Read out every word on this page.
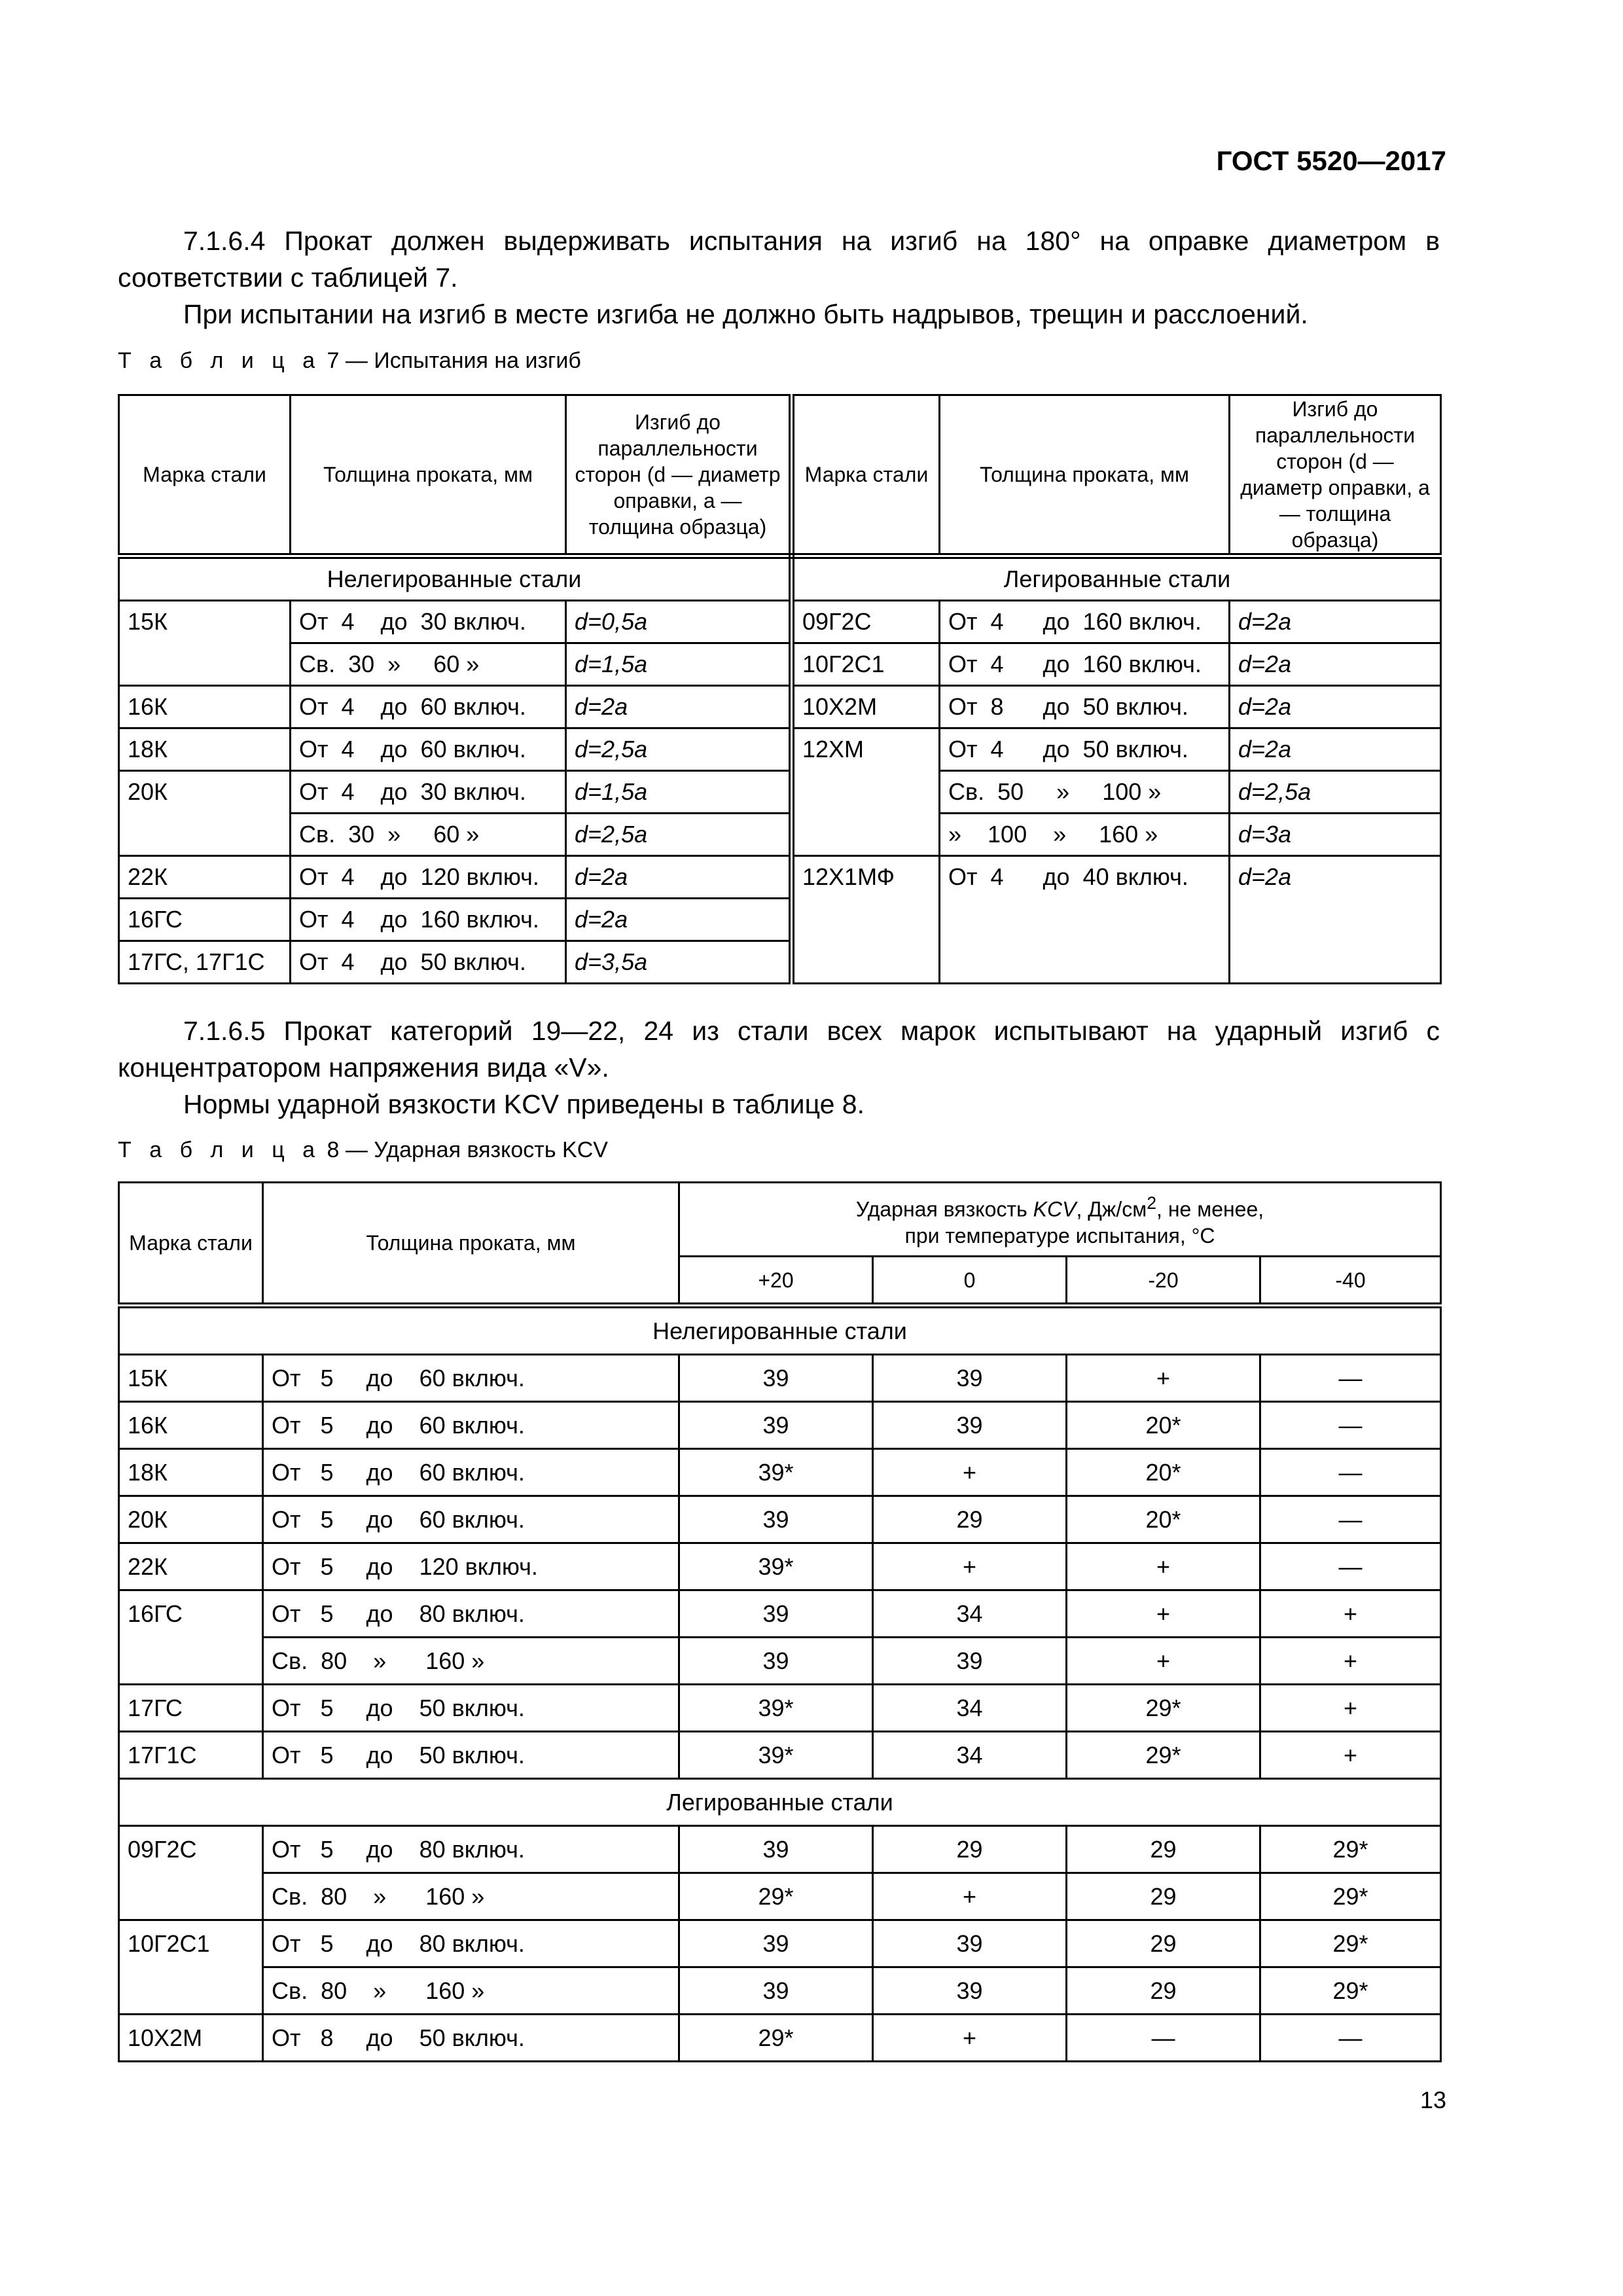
ГОСТ 5520—2017

7.1.6.4 Прокат должен выдерживать испытания на изгиб на 180° на оправке диаметром в соответствии с таблицей 7.

При испытании на изгиб в месте изгиба не должно быть надрывов, трещин и расслоений.

Т а б л и ц а 7 — Испытания на изгиб
Марка стали	Толщина проката, мм	Изгиб до параллельности сторон (d — диаметр оправки, a — толщина образца)	Марка стали	Толщина проката, мм	Изгиб до параллельности сторон (d — диаметр оправки, a — толщина образца)
Нелегированные стали			Легированные стали		
15К	От  4    до  30 включ.	d=0,5a	09Г2С	От  4      до  160 включ.	d=2a
	Св.  30  »     60 »	d=1,5a	10Г2С1	От  4      до  160 включ.	d=2a
16К	От  4    до  60 включ.	d=2a	10Х2М	От  8      до  50 включ.	d=2a
18К	От  4    до  60 включ.	d=2,5a	12ХМ	От  4      до  50 включ.	d=2a
20К	От  4    до  30 включ.	d=1,5a		Св.  50     »     100 »	d=2,5a
	Св.  30  »     60 »	d=2,5a		»    100    »     160 »	d=3a
22К	От  4    до  120 включ.	d=2a	12Х1МФ	От  4      до  40 включ.	d=2a
16ГС	От  4    до  160 включ.	d=2a			
17ГС, 17Г1С	От  4    до  50 включ.	d=3,5a			

7.1.6.5 Прокат категорий 19—22, 24 из стали всех марок испытывают на ударный изгиб с концентратором напряжения вида «V».

Нормы ударной вязкости KCV приведены в таблице 8.

Т а б л и ц а 8 — Ударная вязкость KCV
Марка стали	Толщина проката, мм	Ударная вязкость KCV, $Дж/см^2$, не менее,
при температуре испытания, °С			
		+20	0	-20	-40
Нелегированные стали					
15К	От   5     до    60 включ.	39	39	+	—
16К	От   5     до    60 включ.	39	39	20*	—
18К	От   5     до    60 включ.	39*	+	20*	—
20К	От   5     до    60 включ.	39	29	20*	—
22К	От   5     до    120 включ.	39*	+	+	—
16ГС	От   5     до    80 включ.	39	34	+	+
	Св.  80    »      160 »	39	39	+	+
17ГС	От   5     до    50 включ.	39*	34	29*	+
17Г1С	От   5     до    50 включ.	39*	34	29*	+
Легированные стали					
09Г2С	От   5     до    80 включ.	39	29	29	29*
	Св.  80    »      160 »	29*	+	29	29*
10Г2С1	От   5     до    80 включ.	39	39	29	29*
	Св.  80    »      160 »	39	39	29	29*
10Х2М	От   8     до    50 включ.	29*	+	—	—
13
